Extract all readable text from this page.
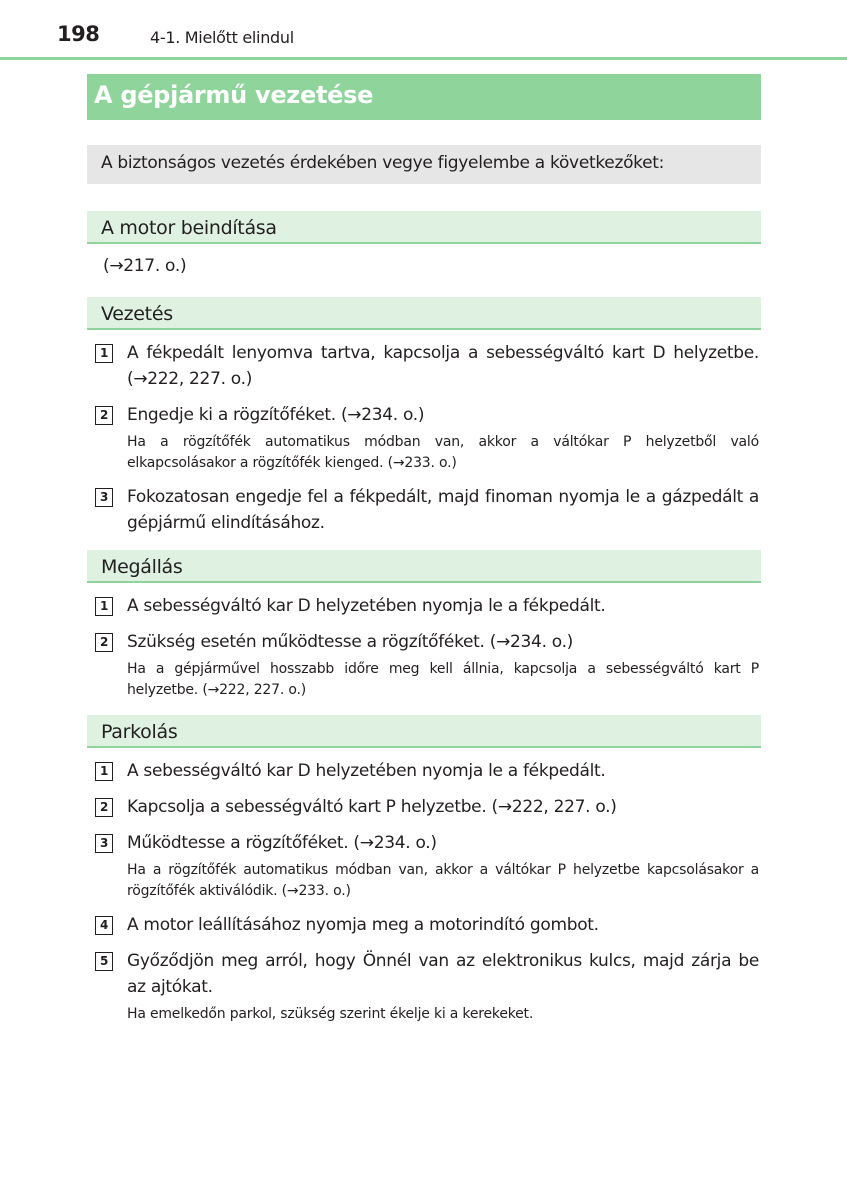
198	4-1. Mielőtt elindul
A gépjármű vezetése
A biztonságos vezetés érdekében vegye figyelembe a következőket:
A motor beindítása
(→217. o.)
Vezetés
1 A fékpedált lenyomva tartva, kapcsolja a sebességváltó kart D helyzetbe. (→222, 227. o.)
2 Engedje ki a rögzítőféket. (→234. o.)
Ha a rögzítőfék automatikus módban van, akkor a váltókar P helyzetből való elkapcsolásakor a rögzítőfék kienged. (→233. o.)
3 Fokozatosan engedje fel a fékpedált, majd finoman nyomja le a gázpedált a gépjármű elindításához.
Megállás
1 A sebességváltó kar D helyzetében nyomja le a fékpedált.
2 Szükség esetén működtesse a rögzítőféket. (→234. o.)
Ha a gépjárművel hosszabb időre meg kell állnia, kapcsolja a sebességváltó kart P helyzetbe. (→222, 227. o.)
Parkolás
1 A sebességváltó kar D helyzetében nyomja le a fékpedált.
2 Kapcsolja a sebességváltó kart P helyzetbe. (→222, 227. o.)
3 Működtesse a rögzítőféket. (→234. o.)
Ha a rögzítőfék automatikus módban van, akkor a váltókar P helyzetbe kapcsolásakor a rögzítőfék aktiválódik. (→233. o.)
4 A motor leállításához nyomja meg a motorindító gombot.
5 Győződjön meg arról, hogy Önnél van az elektronikus kulcs, majd zárja be az ajtókat.
Ha emelkedőn parkol, szükség szerint ékelje ki a kerekeket.
